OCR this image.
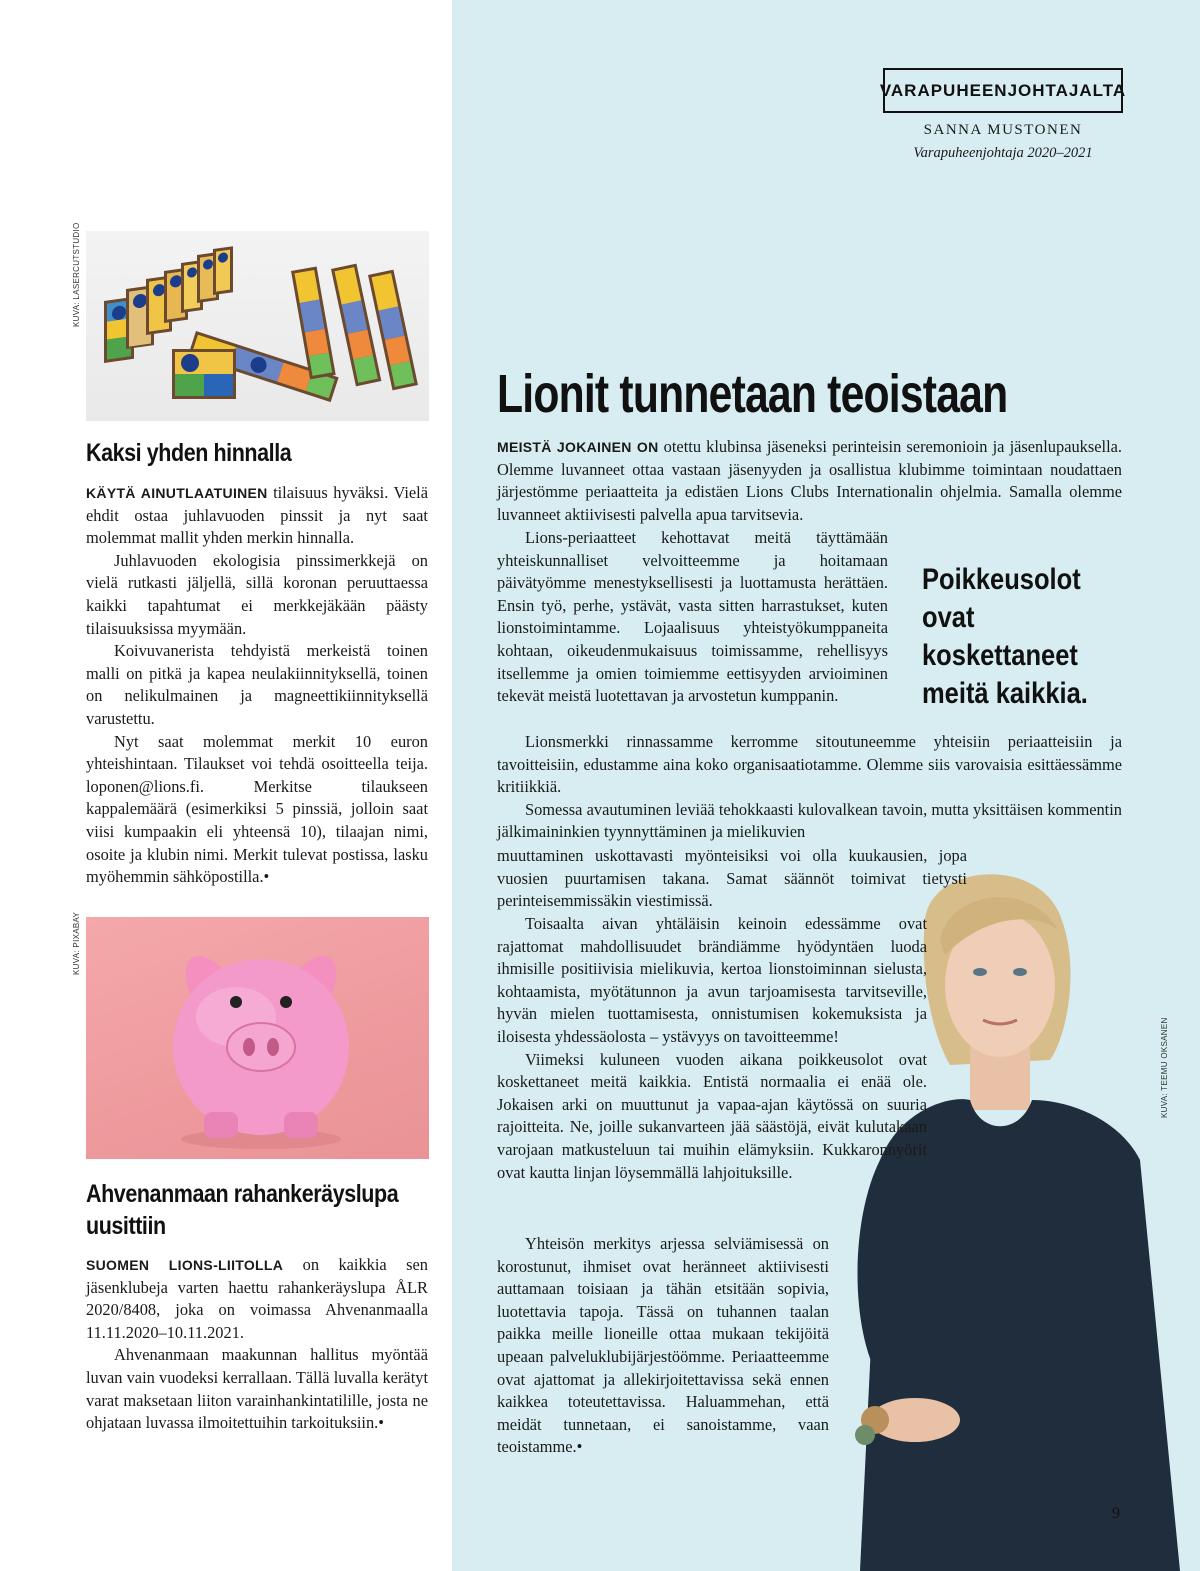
KUVA: LASERCUTSTUDIO
Kaksi yhden hinnalla

KÄYTÄ AINUTLAATUINEN tilaisuus hyväksi. Vielä ehdit ostaa juhlavuoden pinssit ja nyt saat molemmat mallit yhden merkin hinnalla.

Juhlavuoden ekologisia pinssimerkkejä on vielä rutkasti jäljellä, sillä koronan peruuttaessa kaikki tapahtumat ei merkkejäkään päästy tilaisuuksissa myymään.

Koivuvanerista tehdyistä merkeistä toinen malli on pitkä ja kapea neulakiinnityksellä, toinen on nelikulmainen ja magneettikiinnityksellä varustettu.

Nyt saat molemmat merkit 10 euron yhteishintaan. Tilaukset voi tehdä osoitteella teija. loponen@lions.fi. Merkitse tilaukseen kappalemäärä (esimerkiksi 5 pinssiä, jolloin saat viisi kumpaakin eli yhteensä 10), tilaajan nimi, osoite ja klubin nimi. Merkit tulevat postissa, lasku myöhemmin sähköpostilla.•

KUVA: PIXABAY
Ahvenanmaan rahankeräyslupa
uusittiin

SUOMEN LIONS-LIITOLLA on kaikkia sen jäsenklubeja varten haettu rahankeräyslupa ÅLR 2020/8408, joka on voimassa Ahvenanmaalla 11.11.2020–10.11.2021.

Ahvenanmaan maakunnan hallitus myöntää luvan vain vuodeksi kerrallaan. Tällä luvalla kerätyt varat maksetaan liiton varainhankintatilille, josta ne ohjataan luvassa ilmoitettuihin tarkoituksiin.•

KUVA: TEEMU OKSANEN
VARAPUHEENJOHTAJALTA
SANNA MUSTONEN
Varapuheenjohtaja 2020–2021
Lionit tunnetaan teoistaan

MEISTÄ JOKAINEN ON otettu klubinsa jäseneksi perinteisin seremonioin ja jäsenlupauksella. Olemme luvanneet ottaa vastaan jäsenyyden ja osallistua klubimme toimintaan noudattaen järjestömme periaatteita ja edistäen Lions Clubs Internationalin ohjelmia. Samalla olemme luvanneet aktiivisesti palvella apua tarvitsevia.

Lions-periaatteet kehottavat meitä täyttämään yhteiskunnalliset velvoitteemme ja hoitamaan päivätyömme menestyksellisesti ja luottamusta herättäen. Ensin työ, perhe, ystävät, vasta sitten harrastukset, kuten lionstoimintamme. Lojaalisuus yhteistyökumppaneita kohtaan, oikeudenmukaisuus toimissamme, rehellisyys itsellemme ja omien toimiemme eettisyyden arvioiminen tekevät meistä luotettavan ja arvostetun kumppanin.

Poikkeusolot ovat koskettaneet meitä kaikkia.

Lionsmerkki rinnassamme kerromme sitoutuneemme yhteisiin periaatteisiin ja tavoitteisiin, edustamme aina koko organisaatiotamme. Olemme siis varovaisia esittäessämme kritiikkiä.

Somessa avautuminen leviää tehokkaasti kulovalkean tavoin, mutta yksittäisen kommentin jälkimaininkien tyynnyttäminen ja mielikuvien

muuttaminen uskottavasti myönteisiksi voi olla kuukausien, jopa vuosien puurtamisen takana. Samat säännöt toimivat tietysti perinteisemmissäkin viestimissä.

Toisaalta aivan yhtäläisin keinoin edessämme ovat rajattomat mahdollisuudet brändiämme hyödyntäen luoda ihmisille positiivisia mielikuvia, kertoa lionstoiminnan sielusta, kohtaamista, myötätunnon ja avun tarjoamisesta tarvitseville, hyvän mielen tuottamisesta, onnistumisen kokemuksista ja iloisesta yhdessäolosta – ystävyys on tavoitteemme!

Viimeksi kuluneen vuoden aikana poikkeusolot ovat koskettaneet meitä kaikkia. Entistä normaalia ei enää ole. Jokaisen arki on muuttunut ja vapaa-ajan käytössä on suuria rajoitteita. Ne, joille sukanvarteen jää säästöjä, eivät kulutakaan varojaan matkusteluun tai muihin elämyksiin. Kukkaronnyörit ovat kautta linjan löysemmällä lahjoituksille.

Yhteisön merkitys arjessa selviämisessä on korostunut, ihmiset ovat heränneet aktiivisesti auttamaan toisiaan ja tähän etsitään sopivia, luotettavia tapoja. Tässä on tuhannen taalan paikka meille lioneille ottaa mukaan tekijöitä upeaan palveluklubijärjestöömme. Periaatteemme ovat ajattomat ja allekirjoitettavissa sekä ennen kaikkea toteutettavissa. Haluammehan, että meidät tunnetaan, ei sanoistamme, vaan teoistamme.•

9
